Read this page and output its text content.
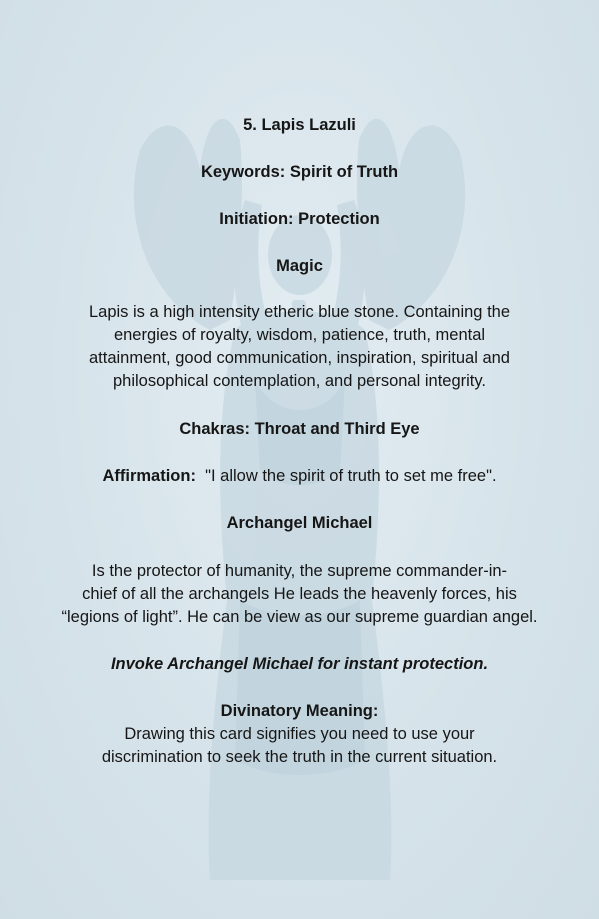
5. Lapis Lazuli
Keywords: Spirit of Truth
Initiation: Protection
Magic
Lapis is a high intensity etheric blue stone. Containing the
energies of royalty, wisdom, patience, truth, mental
attainment, good communication, inspiration, spiritual and
philosophical contemplation, and personal integrity.
Chakras: Throat and Third Eye
Affirmation: "I allow the spirit of truth to set me free".
Archangel Michael
Is the protector of humanity, the supreme commander-in-
chief of all the archangels He leads the heavenly forces, his
“legions of light”. He can be view as our supreme guardian angel.
Invoke Archangel Michael for instant protection.
Divinatory Meaning:
Drawing this card signifies you need to use your
discrimination to seek the truth in the current situation.
